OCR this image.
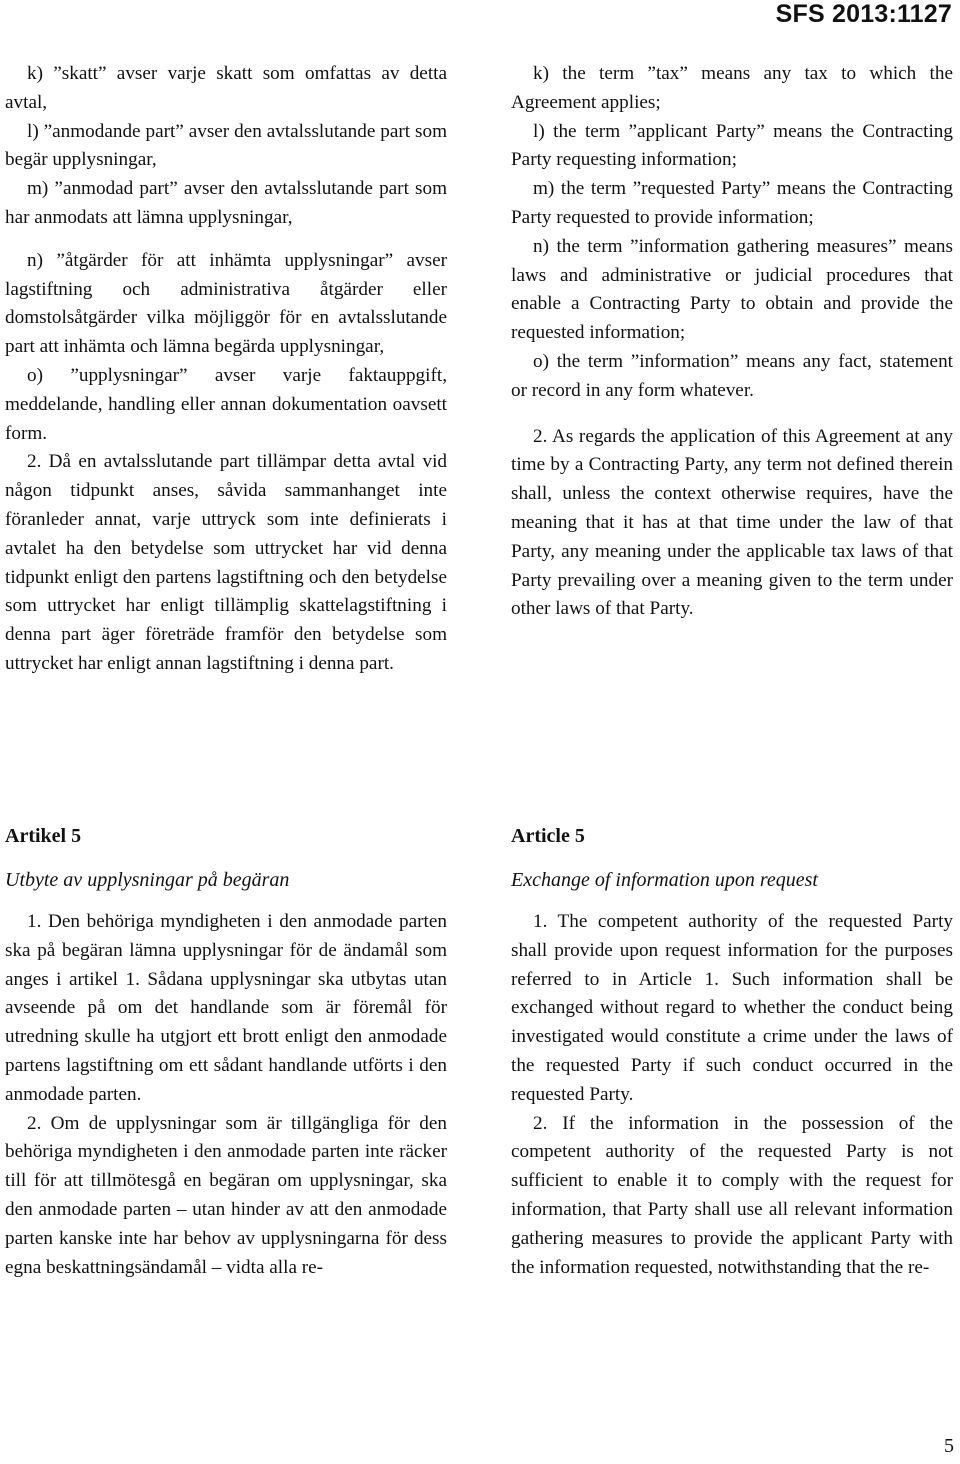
SFS 2013:1127

k) ”skatt” avser varje skatt som omfattas av detta avtal,

l) ”anmodande part” avser den avtalsslutande part som begär upplysningar,

m) ”anmodad part” avser den avtalsslutande part som har anmodats att lämna upplysningar,

n) ”åtgärder för att inhämta upplysningar” avser lagstiftning och administrativa åtgärder eller domstolsåtgärder vilka möjliggör för en avtalsslutande part att inhämta och lämna begärda upplysningar,

o) ”upplysningar” avser varje faktauppgift, meddelande, handling eller annan dokumentation oavsett form.

2. Då en avtalsslutande part tillämpar detta avtal vid någon tidpunkt anses, såvida sammanhanget inte föranleder annat, varje uttryck som inte definierats i avtalet ha den betydelse som uttrycket har vid denna tidpunkt enligt den partens lagstiftning och den betydelse som uttrycket har enligt tillämplig skattelagstiftning i denna part äger företräde framför den betydelse som uttrycket har enligt annan lagstiftning i denna part.

k) the term ”tax” means any tax to which the Agreement applies;

l) the term ”applicant Party” means the Contracting Party requesting information;

m) the term ”requested Party” means the Contracting Party requested to provide information;

n) the term ”information gathering measures” means laws and administrative or judicial procedures that enable a Contracting Party to obtain and provide the requested information;

o) the term ”information” means any fact, statement or record in any form whatever.

2. As regards the application of this Agreement at any time by a Contracting Party, any term not defined therein shall, unless the context otherwise requires, have the meaning that it has at that time under the law of that Party, any meaning under the applicable tax laws of that Party prevailing over a meaning given to the term under other laws of that Party.

Artikel 5
Utbyte av upplysningar på begäran
Article 5
Exchange of information upon request

1. Den behöriga myndigheten i den anmodade parten ska på begäran lämna upplysningar för de ändamål som anges i artikel 1. Sådana upplysningar ska utbytas utan avseende på om det handlande som är föremål för utredning skulle ha utgjort ett brott enligt den anmodade partens lagstiftning om ett sådant handlande utförts i den anmodade parten.

2. Om de upplysningar som är tillgängliga för den behöriga myndigheten i den anmodade parten inte räcker till för att tillmötesgå en begäran om upplysningar, ska den anmodade parten – utan hinder av att den anmodade parten kanske inte har behov av upplysningarna för dess egna beskattningsändamål – vidta alla re-

1. The competent authority of the requested Party shall provide upon request information for the purposes referred to in Article 1. Such information shall be exchanged without regard to whether the conduct being investigated would constitute a crime under the laws of the requested Party if such conduct occurred in the requested Party.

2. If the information in the possession of the competent authority of the requested Party is not sufficient to enable it to comply with the request for information, that Party shall use all relevant information gathering measures to provide the applicant Party with the information requested, notwithstanding that the re-

5
